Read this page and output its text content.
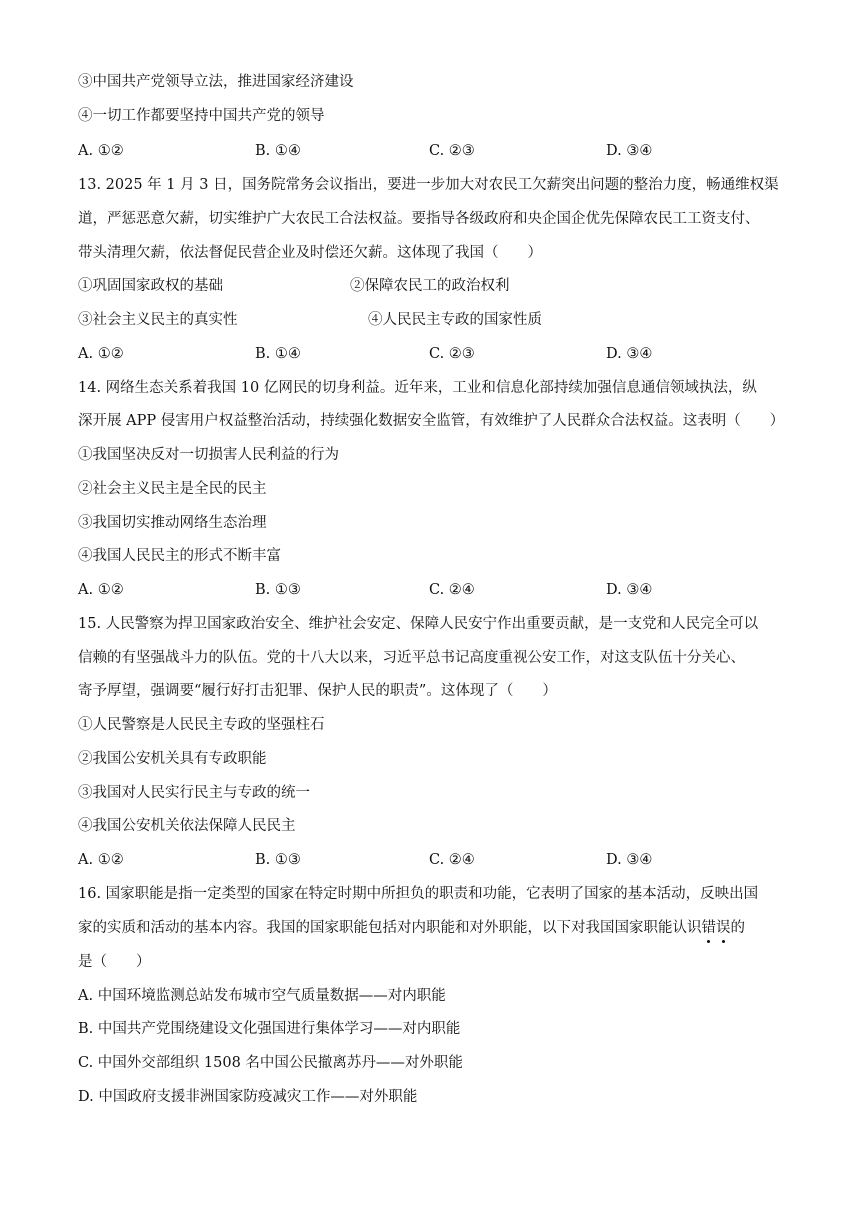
③中国共产党领导立法，推进国家经济建设
④一切工作都要坚持中国共产党的领导
A. ①②	B. ①④	C. ②③	D. ③④
13. 2025 年 1 月 3 日，国务院常务会议指出，要进一步加大对农民工欠薪突出问题的整治力度，畅通维权渠
道，严惩恶意欠薪，切实维护广大农民工合法权益。要指导各级政府和央企国企优先保障农民工工资支付、
带头清理欠薪，依法督促民营企业及时偿还欠薪。这体现了我国（　　）
①巩固国家政权的基础	②保障农民工的政治权利
③社会主义民主的真实性	④人民民主专政的国家性质
A. ①②	B. ①④	C. ②③	D. ③④
14. 网络生态关系着我国 10 亿网民的切身利益。近年来，工业和信息化部持续加强信息通信领域执法，纵
深开展 APP 侵害用户权益整治活动，持续强化数据安全监管，有效维护了人民群众合法权益。这表明（　　）
①我国坚决反对一切损害人民利益的行为
②社会主义民主是全民的民主
③我国切实推动网络生态治理
④我国人民民主的形式不断丰富
A. ①②	B. ①③	C. ②④	D. ③④
15. 人民警察为捍卫国家政治安全、维护社会安定、保障人民安宁作出重要贡献，是一支党和人民完全可以
信赖的有坚强战斗力的队伍。党的十八大以来，习近平总书记高度重视公安工作，对这支队伍十分关心、
寄予厚望，强调要“履行好打击犯罪、保护人民的职责”。这体现了（　　）
①人民警察是人民民主专政的坚强柱石
②我国公安机关具有专政职能
③我国对人民实行民主与专政的统一
④我国公安机关依法保障人民民主
A. ①②	B. ①③	C. ②④	D. ③④
16. 国家职能是指一定类型的国家在特定时期中所担负的职责和功能，它表明了国家的基本活动，反映出国
家的实质和活动的基本内容。我国的国家职能包括对内职能和对外职能，以下对我国国家职能认识错误
的
是（　　）
A. 中国环境监测总站发布城市空气质量数据——对内职能
B. 中国共产党围绕建设文化强国进行集体学习——对内职能
C. 中国外交部组织 1508 名中国公民撤离苏丹——对外职能
D. 中国政府支援非洲国家防疫减灾工作——对外职能
